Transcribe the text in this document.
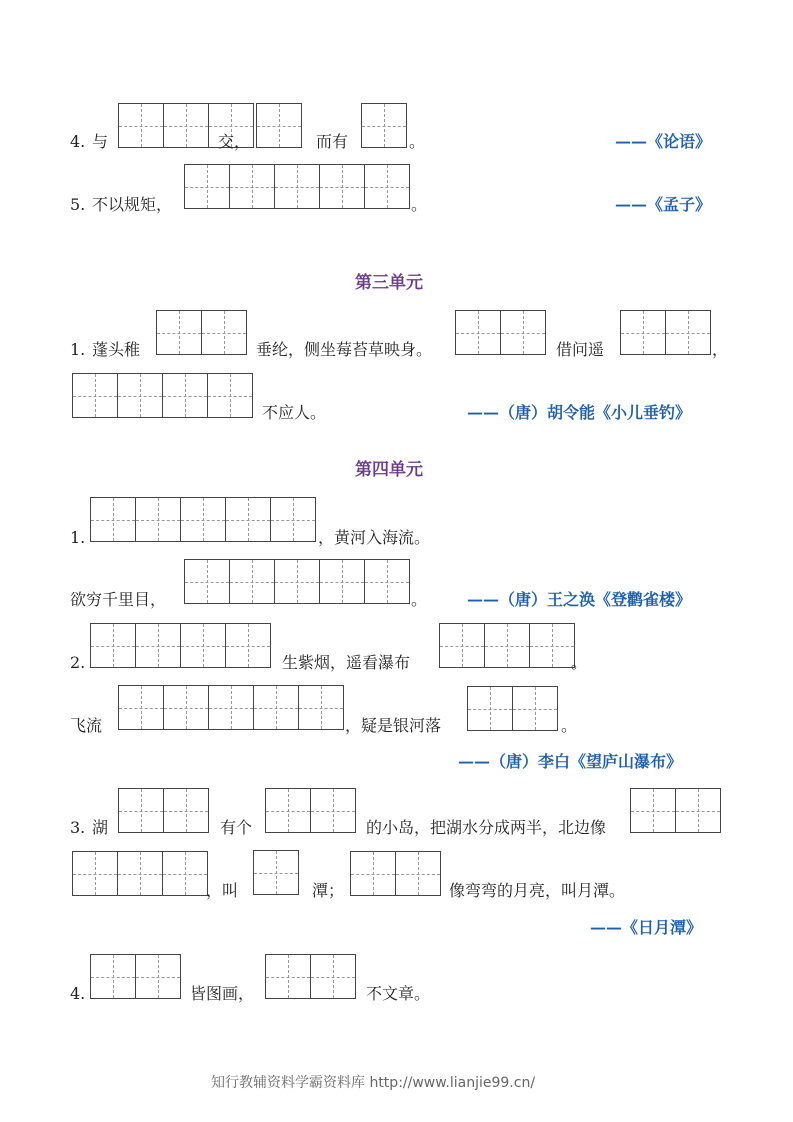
4. 与	交，	而有	。	——《论语》
5. 不以规矩，	。	——《孟子》
第三单元
1. 蓬头稚	垂纶，侧坐莓苔草映身。	借问遥	，
不应人。	——（唐）胡令能《小儿垂钓》
第四单元
1.	，黄河入海流。
欲穷千里目，	。 ——（唐）王之涣《登鹳雀楼》
2.	生紫烟，遥看瀑布	。
飞流	，疑是银河落	。
——（唐）李白《望庐山瀑布》
3. 湖	有个	的小岛，把湖水分成两半，北边像
，叫	潭；	像弯弯的月亮，叫月潭。
——《日月潭》
4.	皆图画，	不文章。
知行教辅资料学霸资料库 http://www.lianjie99.cn/
